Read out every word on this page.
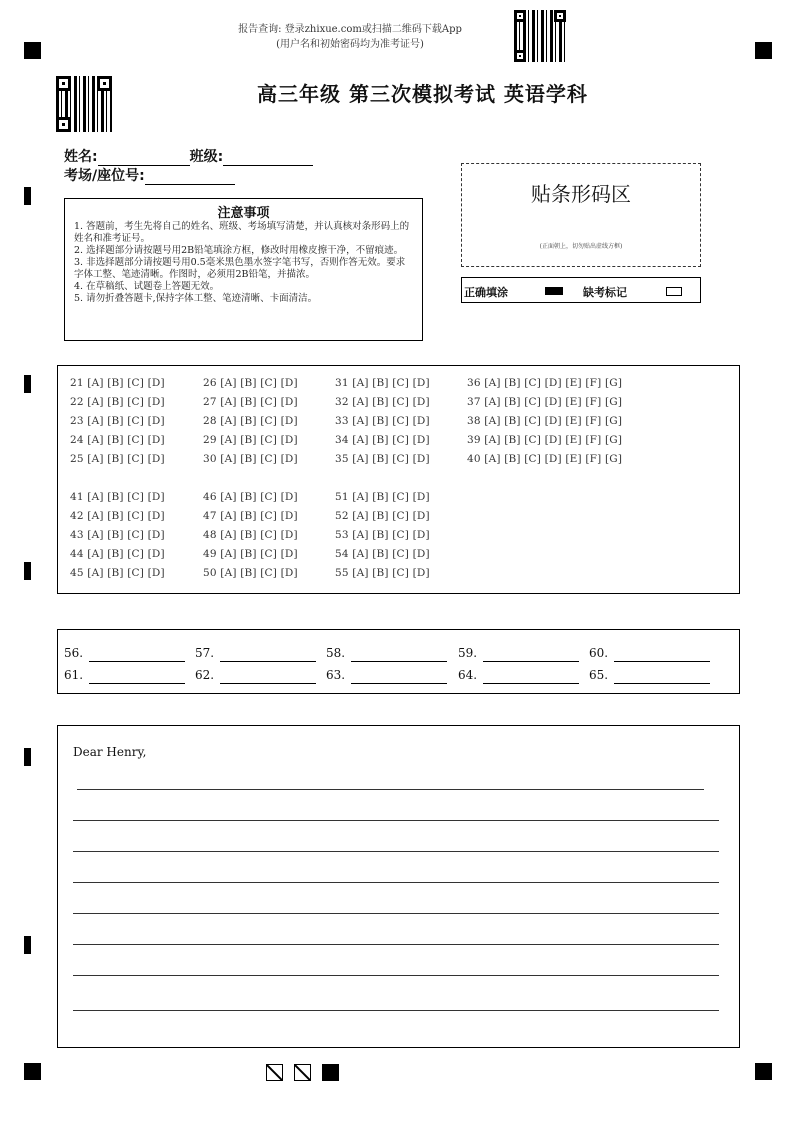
报告查询: 登录zhixue.com或扫描二维码下载App
(用户名和初始密码均为准考证号)
高三年级 第三次模拟考试 英语学科
姓名:	班级:
考场/座位号:
注意事项
1. 答题前，考生先将自己的姓名、班级、考场填写清楚，并认真核对条形码上的姓名和准考证号。
2. 选择题部分请按题号用2B铅笔填涂方框，修改时用橡皮擦干净，不留痕迹。
3. 非选择题部分请按题号用0.5毫米黑色墨水签字笔书写，否则作答无效。要求字体工整、笔迹清晰。作图时，必须用2B铅笔，并描浓。
4. 在草稿纸、试题卷上答题无效。
5. 请勿折叠答题卡,保持字体工整、笔迹清晰、卡面清洁。
贴条形码区
(正面朝上，切勿贴出虚线方框)
正确填涂	缺考标记
21 [A] [B] [C] [D]	26 [A] [B] [C] [D]	31 [A] [B] [C] [D]	36 [A] [B] [C] [D] [E] [F] [G]
22 [A] [B] [C] [D]	27 [A] [B] [C] [D]	32 [A] [B] [C] [D]	37 [A] [B] [C] [D] [E] [F] [G]
23 [A] [B] [C] [D]	28 [A] [B] [C] [D]	33 [A] [B] [C] [D]	38 [A] [B] [C] [D] [E] [F] [G]
24 [A] [B] [C] [D]	29 [A] [B] [C] [D]	34 [A] [B] [C] [D]	39 [A] [B] [C] [D] [E] [F] [G]
25 [A] [B] [C] [D]	30 [A] [B] [C] [D]	35 [A] [B] [C] [D]	40 [A] [B] [C] [D] [E] [F] [G]
41 [A] [B] [C] [D]	46 [A] [B] [C] [D]	51 [A] [B] [C] [D]
42 [A] [B] [C] [D]	47 [A] [B] [C] [D]	52 [A] [B] [C] [D]
43 [A] [B] [C] [D]	48 [A] [B] [C] [D]	53 [A] [B] [C] [D]
44 [A] [B] [C] [D]	49 [A] [B] [C] [D]	54 [A] [B] [C] [D]
45 [A] [B] [C] [D]	50 [A] [B] [C] [D]	55 [A] [B] [C] [D]
56.	57.	58.	59.	60.
61.	62.	63.	64.	65.
Dear Henry,
